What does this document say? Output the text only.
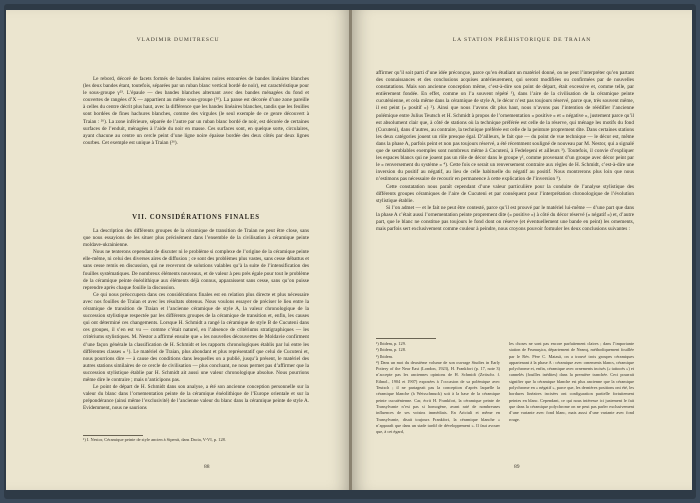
VLADIMIR DUMITRESCU

Le rebord, décoré de facets formés de bandes linéaires noires entourées de bandes linéaires blanches (les deux bandes étant, toutefois, séparées par un ruban blanc vertical bordé de noir), est caractéristique pour le sous-groupe γ²³. L’épaule — des bandes blanches alternant avec des bandes ménagées du fond et couvertes de rangées d’X — appartient au même sous-groupe (²⁶). La panse est décorée d’une zone pareille à celles du centre décrit plus haut, avec la différence que les bandes linéaires blanches, tandis que les feuilles sont bordées de fines hachures blanches, comme des virgules (le seul exemple de ce genre découvert à Traian : ²⁶). La zone inférieure, séparée de l’autre par un ruban blanc bordé de noir, est décorée de certaines surfaces de l’enduit, ménagées à l’aide du noir en masse. Ces surfaces sont, en quelque sorte, circulaires, ayant chacune au centre un cercle peint d’une ligne noire épaisse bordée des deux côtés par deux lignes courbes. Cet exemple est unique à Traian (²⁶).

VII. CONSIDÉRATIONS FINALES

La description des différents groupes de la céramique de transition de Traian ne peut être close, sans que nous essayions de les situer plus précisément dans l’ensemble de la civilisation à céramique peinte moldave-ukrainienne.

Nous ne tenterons cependant de discuter ni le problème si complexe de l’origine de la céramique peinte elle-même, ni celui des diverses aires de diffusion ; ce sont des problèmes plus vastes, sans cesse débattus et sans cesse remis en discussion, qui ne recevront de solutions valables qu’à la suite de l’intensification des fouilles systématiques. De nombreux éléments nouveaux, et de valeur à peu près égale pour tout le problème de la céramique peinte énéolithique aux éléments déjà connus, apparaissent sans cesse, sans qu’on puisse reprendre après chaque fouille la discussion.

Ce qui nous préoccupera dans ces considérations finales est en relation plus directe et plus nécessaire avec nos fouilles de Traian et avec les résultats obtenus. Nous voulons essayer de préciser le lieu entre la céramique de transition de Traian et l’ancienne céramique de style A, la valeur chronologique de la succession stylistique respectée par les différents groupes de la céramique de transition et, enfin, les causes qui ont déterminé ces changements. Lorsque H. Schmidt a rangé la céramique de style B de Cucuteni dans ces groupes, il s’en est vu — comme c’était naturel, en l’absence de critériums stratigraphiques — les critériums stylistiques. M. Nestor a affirmé ensuite que « les nouvelles découvertes de Moldavie confirment d’une façon générale la classification de H. Schmidt et les rapports chronologiques établis par lui entre les différentes classes » ¹). Le matériel de Traian, plus abondant et plus représentatif que celui de Cucuteni et, nous pourrions dire — à cause des conditions dans lesquelles on a publié, jusqu’à présent, le matériel des autres stations similaires de ce cercle de civilisation — plus concluant, ne nous permet pas d’affirmer que la succession stylistique établie par H. Schmidt ait aussi une valeur chronologique absolue. Nous pourrions même dire le contraire ; mais n’anticipons pas.

Le point de départ de H. Schmidt dans son analyse, a été son ancienne conception personnelle sur la valeur du blanc dans l’ornementation peinte de la céramique énéolithique de l’Europe orientale et sur la prépondérance (ainsi même l’exclusivité) de l’ancienne valeur du blanc dans la céramique peinte de style A. Evidemment, nous ne saurions

¹) I. Nestor, Céramique peinte de style ancien à Sipenit, dans Dacia, V-VI, p. 128.
88
LA STATION PRÉHISTORIQUE DE TRAIAN

affirmer qu’il soit parti d’une idée préconçue, parce qu’en étudiant un matériel donné, on ne peut l’interpréter qu’en partant des connaissances et des conclusions acquises antérieurement, qui seront modifiées ou confirmées par de nouvelles constatations. Mais son ancienne conception même, c’est-à-dire son point de départ, était excessive et, comme telle, par entièrement fondée. En effet, comme on l’a souvent répété ¹), dans l’aire de la civilisation de la céramique peinte cucuténienne, et cela même dans la céramique de style A, le décor n’est pas toujours réservé, parce que, très souvent même, il est peint (« positif ») ²). Ainsi que nous l’avons dit plus haut, nous n’avons pas l’intention de réédifier l’ancienne polémique entre Julius Teutsch et H. Schmidt à propos de l’ornementation « positive » et « négative », justement parce qu’il est absolument clair que, à côté de stations où la technique préférée est celle de la réserve, qui ménage les motifs du fond (Cucuteni), dans d’autres, au contraire, la technique préférée est celle de la peinture proprement dite. Dans certaines stations les deux catégories jouent un rôle presque égal. D’ailleurs, le fait que — du point de vue technique — le décor est, même dans la phase A, parfois peint et non pas toujours réservé, a été récemment souligné de nouveau par M. Nestor, qui a signalé que de semblables exemples sont nombreux même à Cucuteni, à Fedeleşeni et ailleurs ³). Toutefois, il convie d’expliquer les espaces blancs qui ne jouent pas un rôle de décor dans le groupe γ², comme provenant d’un groupe avec décor peint par le « renversement du système » ⁴). Cette fois ce serait un renversement contraire aux règles de H. Schmidt, c’est-à-dire une inversion du positif au négatif, au lieu de celle habituelle du négatif au positif. Nous montrerons plus loin que nous n’estimons pas nécessaire de recourir en permanence à cette explication de l’inversion ⁵).

Cette constatation nous paraît cependant d’une valeur particulière pour la conduite de l’analyse stylistique des différents groupes céramiques de l’aire de Cucuteni et par conséquent pour l’interprétation chronologique de l’évolution stylistique établie.

Si l’on admet — et le fait ne peut être contesté, parce qu’il est prouvé par le matériel lui-même — d’une part que dans la phase A c’était aussi l’ornementation peinte proprement dite (« positive ») à côté du décor réservé (« négatif ») et, d’autre part, que le blanc ne constitue pas toujours le fond dont on réserve (et éventuellement une bande en peint) les ornements, mais parfois sert exclusivement comme couleur à peindre, nous croyons pouvoir formuler les deux conclusions suivantes :

¹) Ibidem, p. 129.
²) Ibidem, p. 128.
³) Ibidem.
⁴) Dans un mot du deuxième volume de son ouvrage Studies in Early Pottery of the Near East (London, 1923), H. Frankfort (p. 17, note 3) n’accepte pas les anciennes opinions de H. Schmidt (Zeitschr. f. Ethnol., 1904 et 1907) exposées à l’occasion de sa polémique avec Teutsch ; il ne partageait pas la conception d’après laquelle la céramique blanche (à Weisschmuck) soit à la base de la céramique peinte cucuténienne. Car, écrit H. Frankfort, la céramique peinte de Transylvanie n’est pas si homogène, avant raté de nombreuses influences de ses voisins immédiats. En Ariciuli et même en Transylvanie, disait toujours Frankfort, la céramique blanche « n’apparaît que dans un stade tardif de développement ». Il faut avouer que, à cet égard,
les choses ne sont pas encore parfaitement claires ; dans l’importante station de Frumuşica, département de Neamţ, méthodiquement fouillée par le Rév. Père C. Matasă, on a trouvé trois groupes céramiques appartenant à la phase A : céramique avec ornements blancs, céramique polychrome et, enfin, céramique avec ornements incisés (« tattooés ») et cannelés (fouilles inédites) dans la première tranchée. Ceci pourrait signifier que la céramique blanche est plus ancienne que la céramique polychrome en « négatif », parce que, les dernières positions ont été, les bordures linéaires incisées ont configuration partielle fortuitement peintes en blanc. Cependant, ce qui nous intéresse ici justement le fait que dans la céramique polychrome on ne peut pas parler exclusivement d’une variante avec fond blanc, mais aussi d’une variante avec fond rouge.
89
